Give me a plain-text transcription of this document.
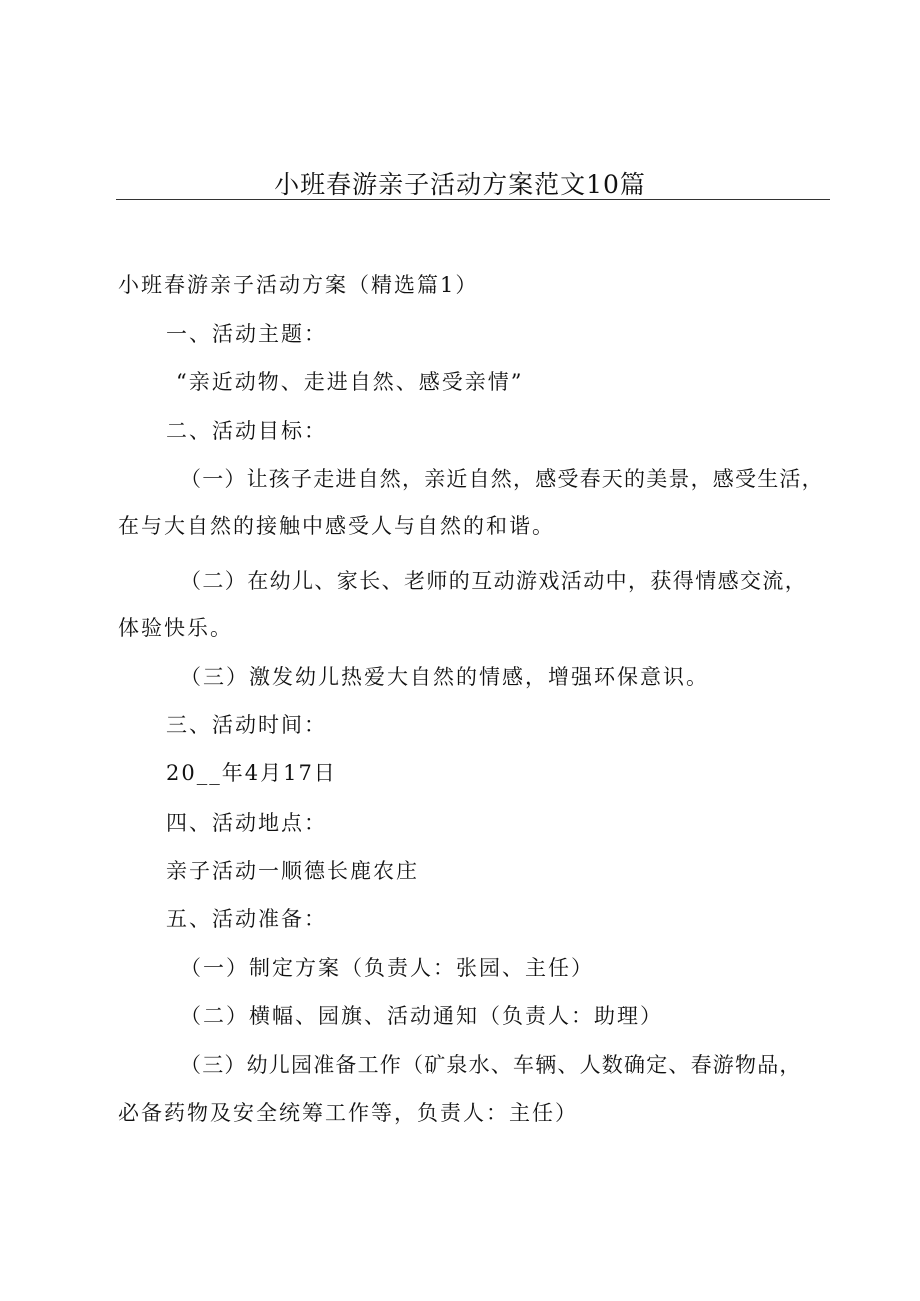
小班春游亲子活动方案范文10篇
小班春游亲子活动方案（精选篇1）
一、活动主题：
“亲近动物、走进自然、感受亲情”
二、活动目标：
（一）让孩子走进自然，亲近自然，感受春天的美景，感受生活，
在与大自然的接触中感受人与自然的和谐。
（二）在幼儿、家长、老师的互动游戏活动中，获得情感交流，
体验快乐。
（三）激发幼儿热爱大自然的情感，增强环保意识。
三、活动时间：
20__年4月17日
四、活动地点：
亲子活动一顺德长鹿农庄
五、活动准备：
（一）制定方案（负责人：张园、主任）
（二）横幅、园旗、活动通知（负责人：助理）
（三）幼儿园准备工作（矿泉水、车辆、人数确定、春游物品，
必备药物及安全统筹工作等，负责人：主任）
